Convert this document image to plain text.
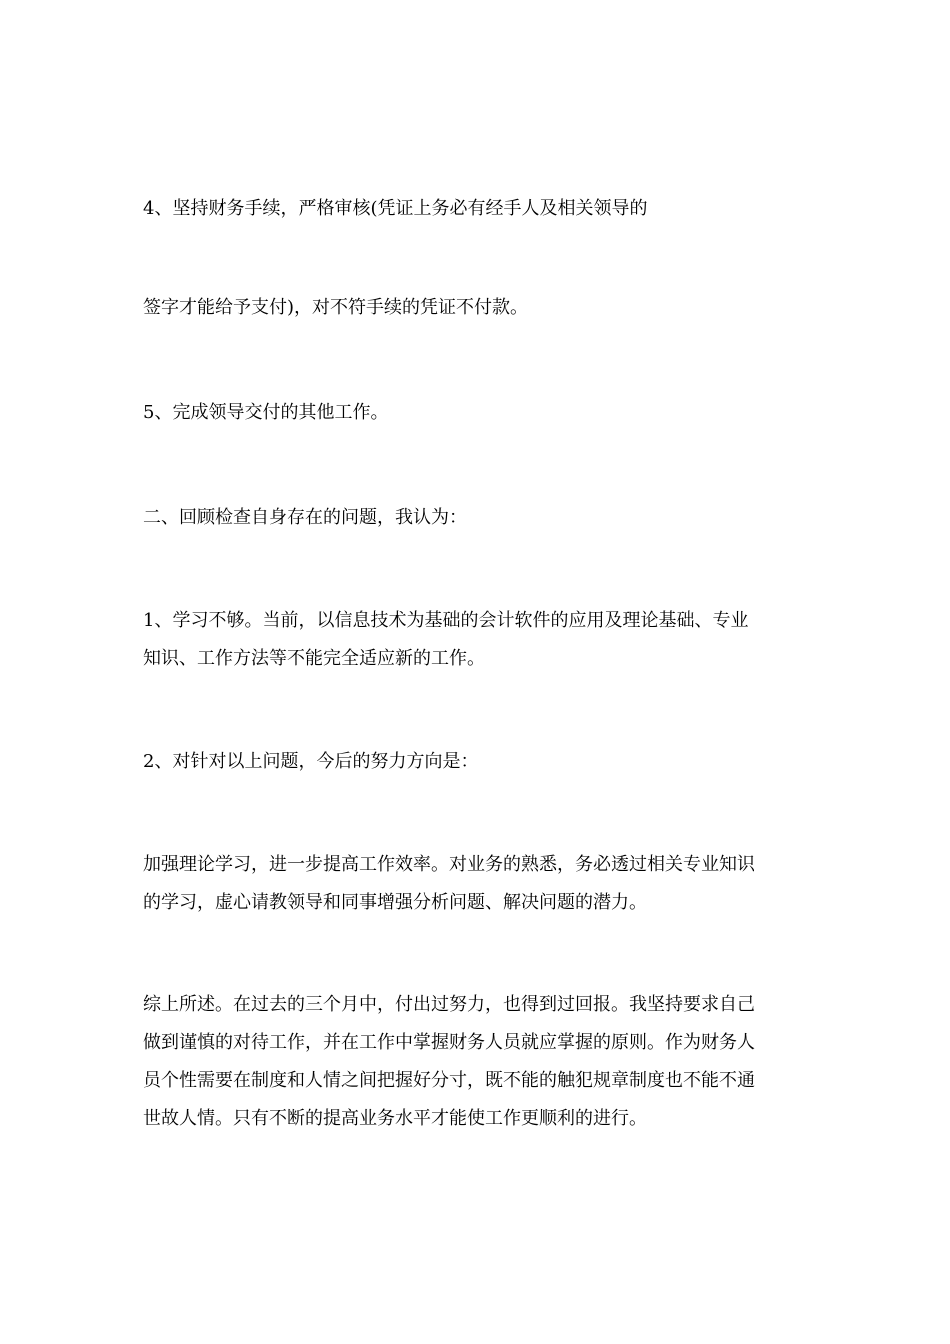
4、坚持财务手续，严格审核(凭证上务必有经手人及相关领导的

签字才能给予支付)，对不符手续的凭证不付款。

5、完成领导交付的其他工作。

二、回顾检查自身存在的问题，我认为：

1、学习不够。当前，以信息技术为基础的会计软件的应用及理论基础、专业
知识、工作方法等不能完全适应新的工作。

2、对针对以上问题，今后的努力方向是：

加强理论学习，进一步提高工作效率。对业务的熟悉，务必透过相关专业知识
的学习，虚心请教领导和同事增强分析问题、解决问题的潜力。

综上所述。在过去的三个月中，付出过努力，也得到过回报。我坚持要求自己
做到谨慎的对待工作，并在工作中掌握财务人员就应掌握的原则。作为财务人
员个性需要在制度和人情之间把握好分寸，既不能的触犯规章制度也不能不通
世故人情。只有不断的提高业务水平才能使工作更顺利的进行。
